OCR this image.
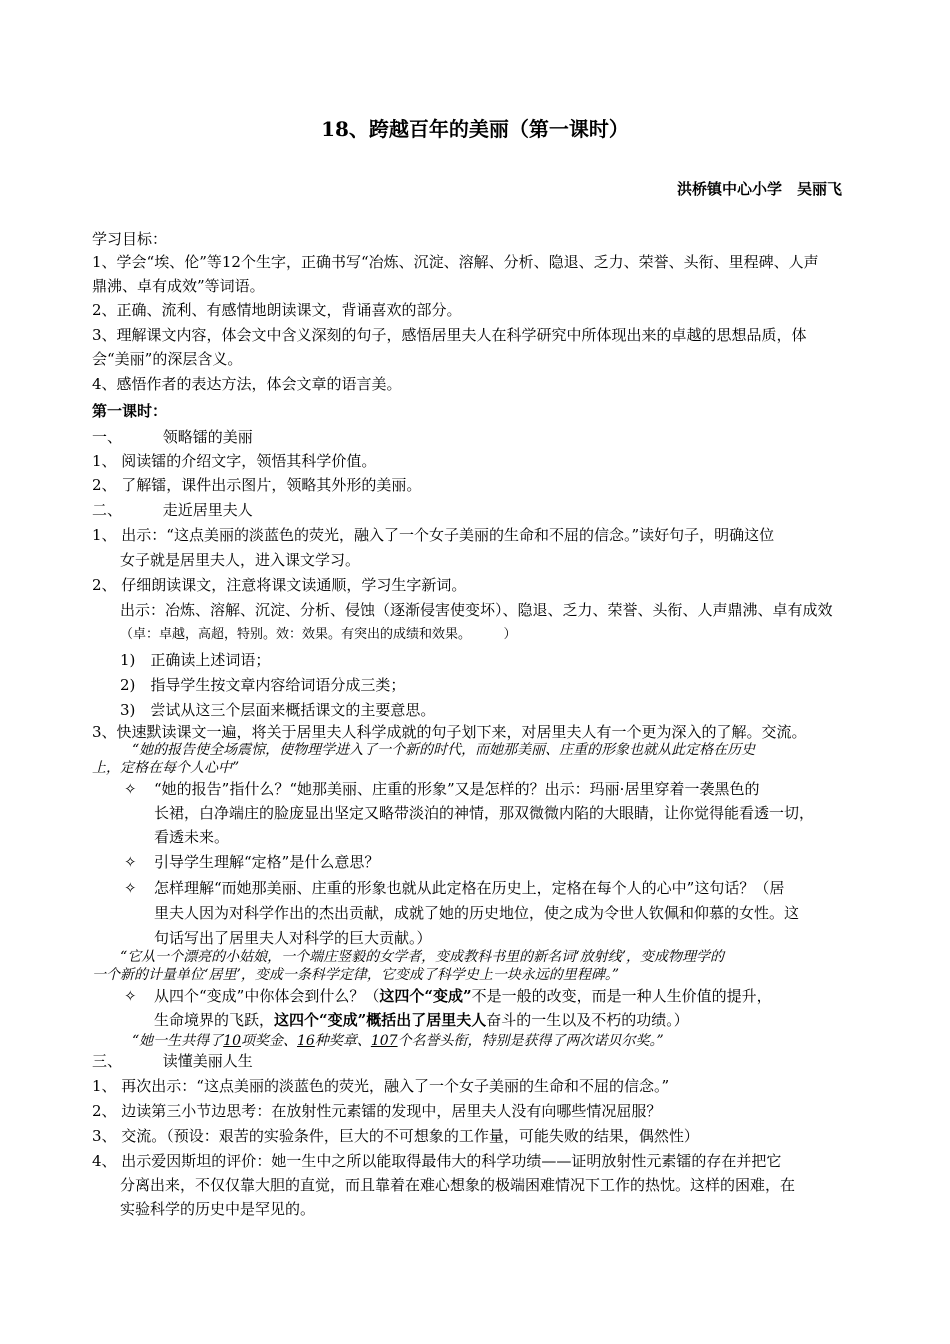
18、跨越百年的美丽（第一课时）
洪桥镇中心小学　吴丽飞
学习目标：
1、学会“埃、伦”等12个生字，正确书写“冶炼、沉淀、溶解、分析、隐退、乏力、荣誉、头衔、里程碑、人声
鼎沸、卓有成效”等词语。
2、正确、流利、有感情地朗读课文，背诵喜欢的部分。
3、理解课文内容，体会文中含义深刻的句子，感悟居里夫人在科学研究中所体现出来的卓越的思想品质，体
会“美丽”的深层含义。
4、感悟作者的表达方法，体会文章的语言美。
第一课时：
一、	领略镭的美丽
1、 阅读镭的介绍文字，领悟其科学价值。
2、 了解镭，课件出示图片，领略其外形的美丽。
二、	走近居里夫人
1、 出示：“这点美丽的淡蓝色的荧光，融入了一个女子美丽的生命和不屈的信念。”读好句子，明确这位
女子就是居里夫人，进入课文学习。
2、 仔细朗读课文，注意将课文读通顺，学习生字新词。
出示：冶炼、溶解、沉淀、分析、侵蚀（逐渐侵害使变坏）、隐退、乏力、荣誉、头衔、人声鼎沸、卓有成效
（卓：卓越，高超，特别。效：效果。有突出的成绩和效果。　　　）
1)　正确读上述词语；
2)　指导学生按文章内容给词语分成三类；
3)　尝试从这三个层面来概括课文的主要意思。
3、快速默读课文一遍，将关于居里夫人科学成就的句子划下来，对居里夫人有一个更为深入的了解。交流。
“她的报告使全场震惊，使物理学进入了一个新的时代，而她那美丽、庄重的形象也就从此定格在历史
上，定格在每个人心中”
✧ “她的报告”指什么？“她那美丽、庄重的形象”又是怎样的？出示：玛丽·居里穿着一袭黑色的
长裙，白净端庄的脸庞显出坚定又略带淡泊的神情，那双微微内陷的大眼睛，让你觉得能看透一切，
看透未来。
✧ 引导学生理解“定格”是什么意思？
✧ 怎样理解“而她那美丽、庄重的形象也就从此定格在历史上，定格在每个人的心中”这句话？（居
里夫人因为对科学作出的杰出贡献，成就了她的历史地位，使之成为令世人钦佩和仰慕的女性。这
句话写出了居里夫人对科学的巨大贡献。）
“它从一个漂亮的小姑娘，一个端庄竖毅的女学者，变成教科书里的新名词‘放射线’，变成物理学的
一个新的计量单位‘居里’，变成一条科学定律，它变成了科学史上一块永远的里程碑。”
✧ 从四个“变成”中你体会到什么？（这四个“变成”不是一般的改变，而是一种人生价值的提升，
生命境界的飞跃，这四个“变成”概括出了居里夫人奋斗的一生以及不朽的功绩。）
“她一生共得了10项奖金、16种奖章、107个名誉头衔，特别是获得了两次诺贝尔奖。”
三、	读懂美丽人生
1、 再次出示：“这点美丽的淡蓝色的荧光，融入了一个女子美丽的生命和不屈的信念。”
2、 边读第三小节边思考：在放射性元素镭的发现中，居里夫人没有向哪些情况屈服？
3、 交流。（预设：艰苦的实验条件，巨大的不可想象的工作量，可能失败的结果，偶然性）
4、 出示爱因斯坦的评价：她一生中之所以能取得最伟大的科学功绩——证明放射性元素镭的存在并把它
分离出来，不仅仅靠大胆的直觉，而且靠着在难心想象的极端困难情况下工作的热忱。这样的困难，在
实验科学的历史中是罕见的。
